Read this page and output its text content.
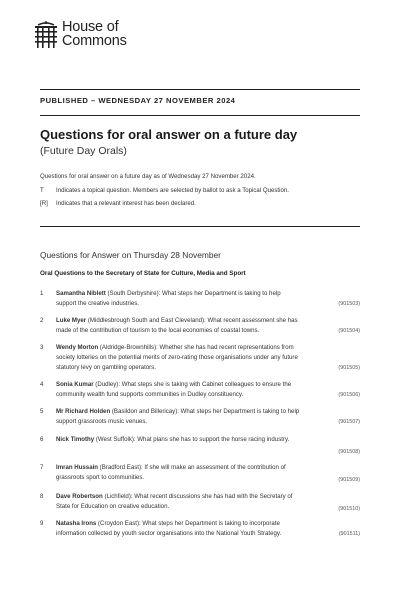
House of
Commons
PUBLISHED – WEDNESDAY 27 NOVEMBER 2024
Questions for oral answer on a future day
(Future Day Orals)
Questions for oral answer on a future day as of Wednesday 27 November 2024.
T	Indicates a topical question. Members are selected by ballot to ask a Topical Question.
[R]	Indicates that a relevant interest has been declared.
Questions for Answer on Thursday 28 November
Oral Questions to the Secretary of State for Culture, Media and Sport
1 Samantha Niblett (South Derbyshire): What steps her Department is taking to help
support the creative industries.	(901503)
2 Luke Myer (Middlesbrough South and East Cleveland): What recent assessment she has
made of the contribution of tourism to the local economies of coastal towns.	(901504)
3 Wendy Morton (Aldridge-Brownhills): Whether she has had recent representations from
society lotteries on the potential merits of zero-rating those organisations under any future
statutory levy on gambling operators.	(901505)
4 Sonia Kumar (Dudley): What steps she is taking with Cabinet colleagues to ensure the
community wealth fund supports communities in Dudley constituency.	(901506)
5 Mr Richard Holden (Basildon and Billericay): What steps her Department is taking to help
support grassroots music venues.	(901507)
6 Nick Timothy (West Suffolk): What plans she has to support the horse racing industry.
(901508)
7 Imran Hussain (Bradford East): If she will make an assessment of the contribution of
grassroots sport to communities.	(901509)
8 Dave Robertson (Lichfield): What recent discussions she has had with the Secretary of
State for Education on creative education.	(901510)
9 Natasha Irons (Croydon East): What steps her Department is taking to incorporate
information collected by youth sector organisations into the National Youth Strategy.	(901511)
